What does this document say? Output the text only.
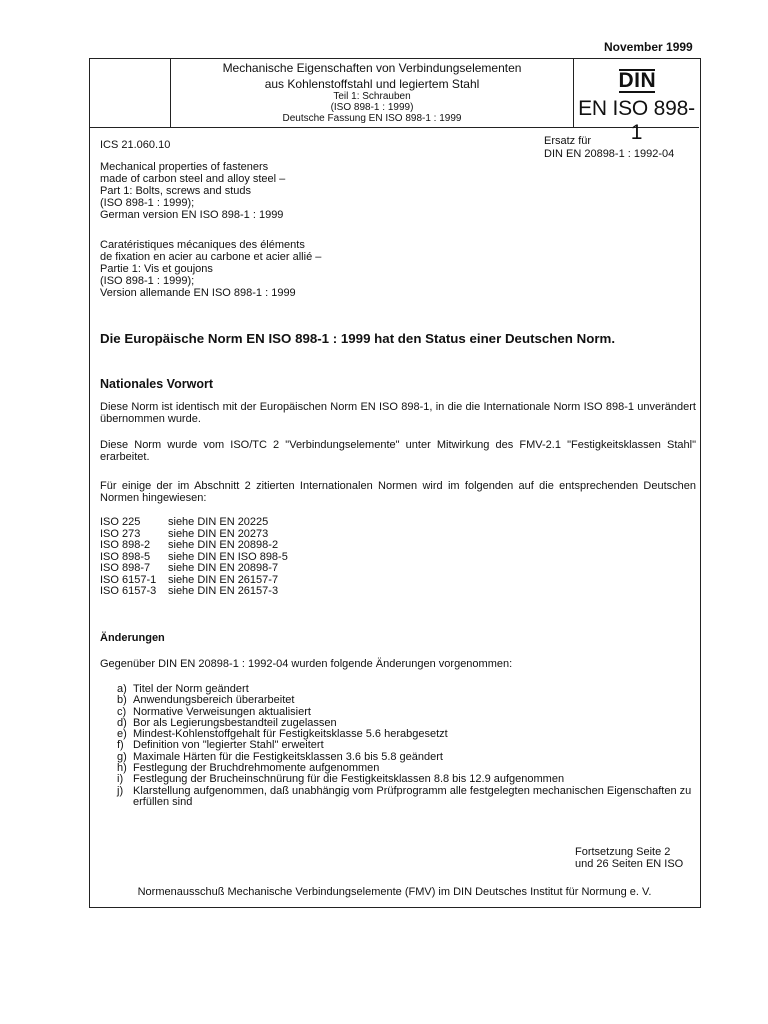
November 1999
Mechanische Eigenschaften von Verbindungselementen
aus Kohlenstoffstahl und legiertem Stahl
Teil 1: Schrauben
(ISO 898-1 : 1999)
Deutsche Fassung EN ISO 898-1 : 1999
DIN
EN ISO 898-1
ICS 21.060.10	Ersatz für
DIN EN 20898-1 : 1992-04
Mechanical properties of fasteners
made of carbon steel and alloy steel –
Part 1: Bolts, screws and studs
(ISO 898-1 : 1999);
German version EN ISO 898-1 : 1999
Caratéristiques mécaniques des éléments
de fixation en acier au carbone et acier allié –
Partie 1: Vis et goujons
(ISO 898-1 : 1999);
Version allemande EN ISO 898-1 : 1999
Die Europäische Norm EN ISO 898-1 : 1999 hat den Status einer Deutschen Norm.
Nationales Vorwort
Diese Norm ist identisch mit der Europäischen Norm EN ISO 898-1, in die die Internationale Norm ISO 898-1 unverändert übernommen wurde.
Diese Norm wurde vom ISO/TC 2 "Verbindungselemente" unter Mitwirkung des FMV-2.1 "Festigkeitsklassen Stahl" erarbeitet.
Für einige der im Abschnitt 2 zitierten Internationalen Normen wird im folgenden auf die entsprechenden Deutschen Normen hingewiesen:
ISO 225	siehe DIN EN 20225
ISO 273	siehe DIN EN 20273
ISO 898-2	siehe DIN EN 20898-2
ISO 898-5	siehe DIN EN ISO 898-5
ISO 898-7	siehe DIN EN 20898-7
ISO 6157-1	siehe DIN EN 26157-7
ISO 6157-3	siehe DIN EN 26157-3
Änderungen
Gegenüber DIN EN 20898-1 : 1992-04 wurden folgende Änderungen vorgenommen:
a) Titel der Norm geändert
b) Anwendungsbereich überarbeitet
c) Normative Verweisungen aktualisiert
d) Bor als Legierungsbestandteil zugelassen
e) Mindest-Kohlenstoffgehalt für Festigkeitsklasse 5.6 herabgesetzt
f) Definition von "legierter Stahl" erweitert
g) Maximale Härten für die Festigkeitsklassen 3.6 bis 5.8 geändert
h) Festlegung der Bruchdrehmomente aufgenommen
i) Festlegung der Brucheinschnürung für die Festigkeitsklassen 8.8 bis 12.9 aufgenommen
j) Klarstellung aufgenommen, daß unabhängig vom Prüfprogramm alle festgelegten mechanischen Eigenschaften zu erfüllen sind
Fortsetzung Seite 2
und 26 Seiten EN ISO
Normenausschuß Mechanische Verbindungselemente (FMV) im DIN Deutsches Institut für Normung e. V.
